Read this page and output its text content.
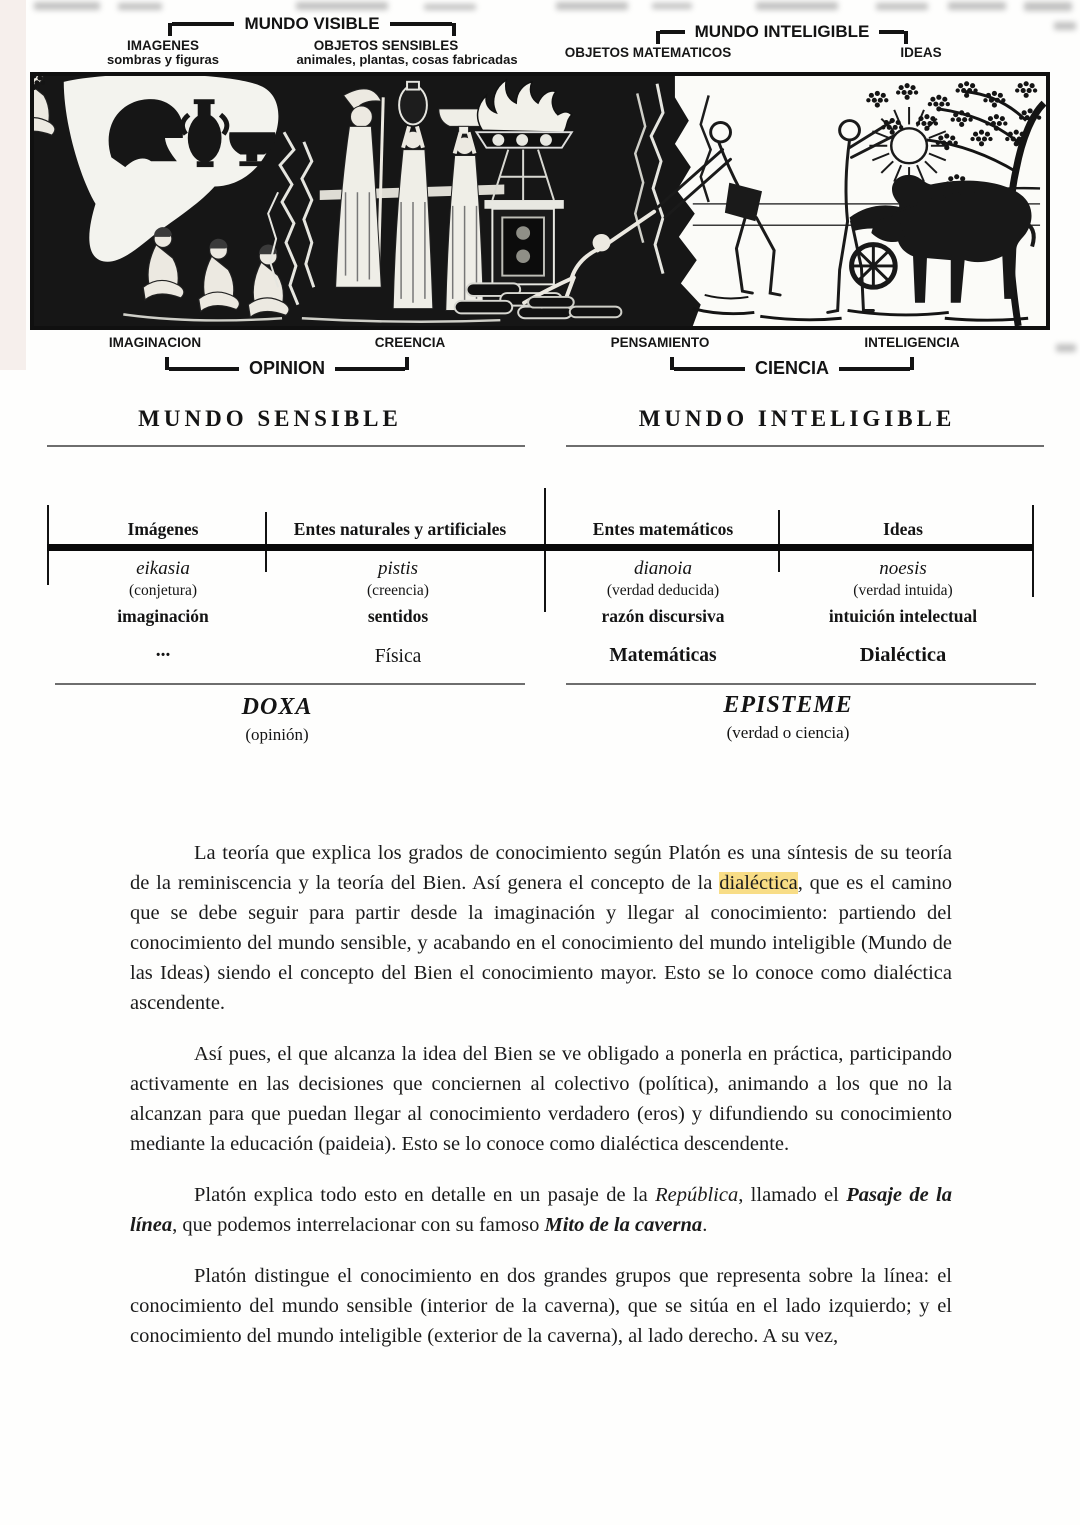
MUNDO VISIBLE
IMAGENES
sombras y figuras
OBJETOS SENSIBLES
animales, plantas, cosas fabricadas
MUNDO INTELIGIBLE
OBJETOS MATEMATICOS	IDEAS
IMAGINACION	CREENCIA	PENSAMIENTO	INTELIGENCIA
OPINION	CIENCIA
MUNDO SENSIBLE	MUNDO INTELIGIBLE
Imágenes	Entes naturales y artificiales	Entes matemáticos	Ideas
eikasia	pistis	dianoia	noesis
(conjetura)	(creencia)	(verdad deducida)	(verdad intuida)
imaginación	sentidos	razón discursiva	intuición intelectual
...	Física	Matemáticas	Dialéctica
DOXA
(opinión)
EPISTEME
(verdad o ciencia)

La teoría que explica los grados de conocimiento según Platón es una síntesis de su teoría de la reminiscencia y la teoría del Bien. Así genera el concepto de la dialéctica, que es el camino que se debe seguir para partir desde la imaginación y llegar al conocimiento: partiendo del conocimiento del mundo sensible, y acabando en el conocimiento del mundo inteligible (Mundo de las Ideas) siendo el concepto del Bien el conocimiento mayor. Esto se lo conoce como dialéctica ascendente.

Así pues, el que alcanza la idea del Bien se ve obligado a ponerla en práctica, participando activamente en las decisiones que conciernen al colectivo (política), animando a los que no la alcanzan para que puedan llegar al conocimiento verdadero (eros) y difundiendo su conocimiento mediante la educación (paideia). Esto se lo conoce como dialéctica descendente.

Platón explica todo esto en detalle en un pasaje de la República, llamado el Pasaje de la línea, que podemos interrelacionar con su famoso Mito de la caverna.

Platón distingue el conocimiento en dos grandes grupos que representa sobre la línea: el conocimiento del mundo sensible (interior de la caverna), que se sitúa en el lado izquierdo; y el conocimiento del mundo inteligible (exterior de la caverna), al lado derecho. A su vez,
